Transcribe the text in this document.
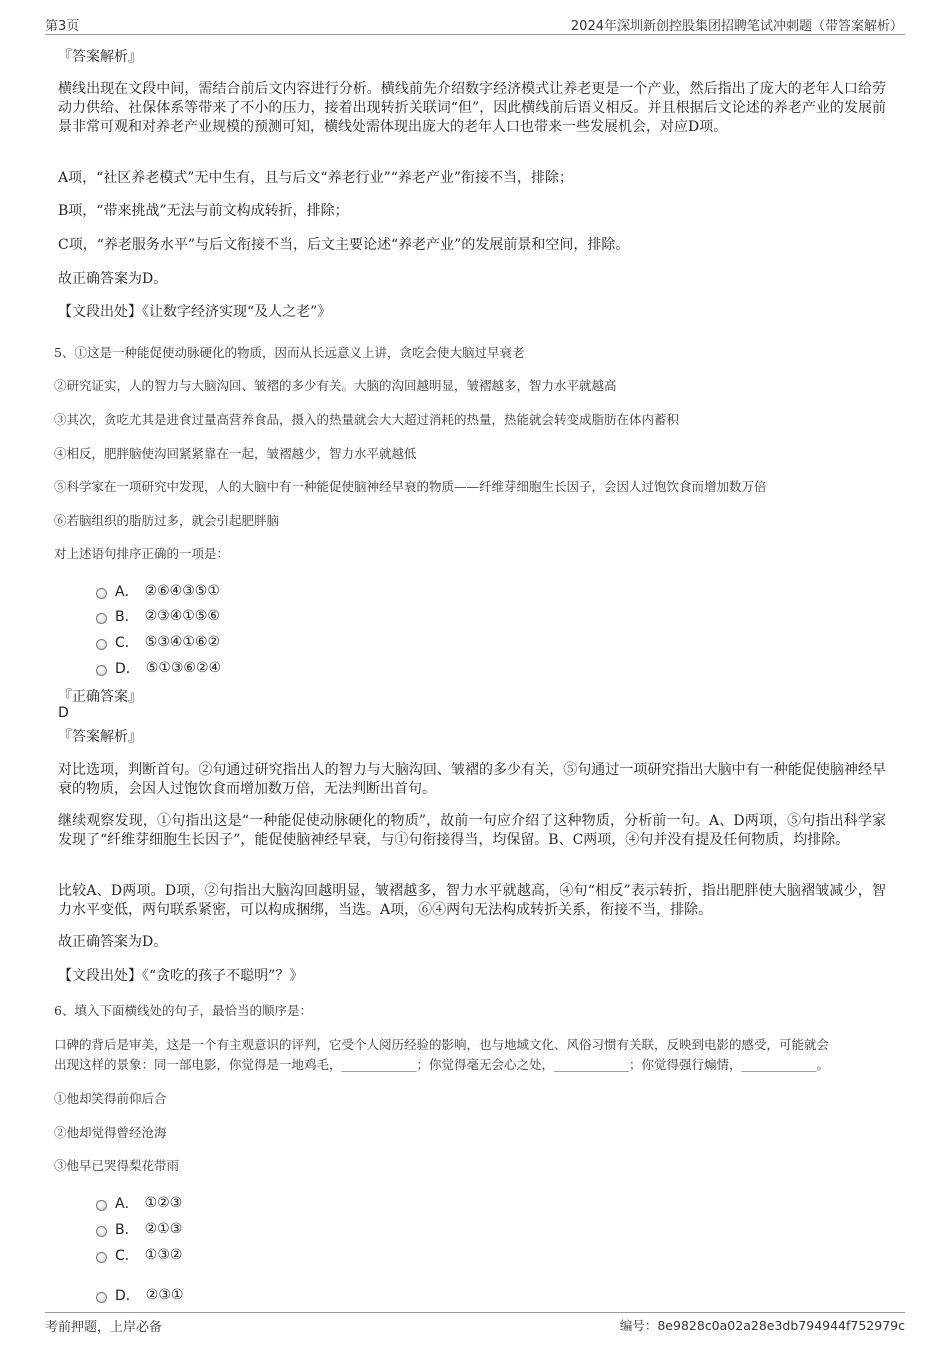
第3页	2024年深圳新创控股集团招聘笔试冲刺题（带答案解析）
『答案解析』
横线出现在文段中间，需结合前后文内容进行分析。横线前先介绍数字经济模式让养老更是一个产业，然后指出了庞大的老年人口给劳动力供给、社保体系等带来了不小的压力，接着出现转折关联词“但”，因此横线前后语义相反。并且根据后文论述的养老产业的发展前景非常可观和对养老产业规模的预测可知，横线处需体现出庞大的老年人口也带来一些发展机会，对应D项。
A项，“社区养老模式”无中生有，且与后文“养老行业”“养老产业”衔接不当，排除；
B项，“带来挑战”无法与前文构成转折，排除；
C项，“养老服务水平”与后文衔接不当，后文主要论述“养老产业”的发展前景和空间，排除。
故正确答案为D。
【文段出处】《让数字经济实现“及人之老”》
5、①这是一种能促使动脉硬化的物质，因而从长远意义上讲，贪吃会使大脑过早衰老
②研究证实，人的智力与大脑沟回、皱褶的多少有关。大脑的沟回越明显，皱褶越多，智力水平就越高
③其次，贪吃尤其是进食过量高营养食品，摄入的热量就会大大超过消耗的热量，热能就会转变成脂肪在体内蓄积
④相反，肥胖脑使沟回紧紧靠在一起，皱褶越少，智力水平就越低
⑤科学家在一项研究中发现，人的大脑中有一种能促使脑神经早衰的物质——纤维芽细胞生长因子，会因人过饱饮食而增加数万倍
⑥若脑组织的脂肪过多，就会引起肥胖脑
对上述语句排序正确的一项是：
A． ②⑥④③⑤①
B． ②③④①⑤⑥
C． ⑤③④①⑥②
D． ⑤①③⑥②④
『正确答案』
D
『答案解析』
对比选项，判断首句。②句通过研究指出人的智力与大脑沟回、皱褶的多少有关，⑤句通过一项研究指出大脑中有一种能促使脑神经早衰的物质，会因人过饱饮食而增加数万倍，无法判断出首句。
继续观察发现，①句指出这是“一种能促使动脉硬化的物质”，故前一句应介绍了这种物质，分析前一句。A、D两项，⑤句指出科学家发现了“纤维芽细胞生长因子”，能促使脑神经早衰，与①句衔接得当，均保留。B、C两项，④句并没有提及任何物质，均排除。
比较A、D两项。D项，②句指出大脑沟回越明显，皱褶越多，智力水平就越高，④句“相反”表示转折，指出肥胖使大脑褶皱减少，智力水平变低，两句联系紧密，可以构成捆绑，当选。A项，⑥④两句无法构成转折关系，衔接不当，排除。
故正确答案为D。
【文段出处】《“贪吃的孩子不聪明”？》
6、填入下面横线处的句子，最恰当的顺序是：
口碑的背后是审美，这是一个有主观意识的评判，它受个人阅历经验的影响，也与地域文化、风俗习惯有关联，反映到电影的感受，可能就会
出现这样的景象：同一部电影，你觉得是一地鸡毛，____________；你觉得毫无会心之处，____________；你觉得强行煽情，____________。
①他却笑得前仰后合
②他却觉得曾经沧海
③他早已哭得梨花带雨
A． ①②③
B． ②①③
C． ①③②
D． ②③①
考前押题，上岸必备	编号：8e9828c0a02a28e3db794944f752979c
